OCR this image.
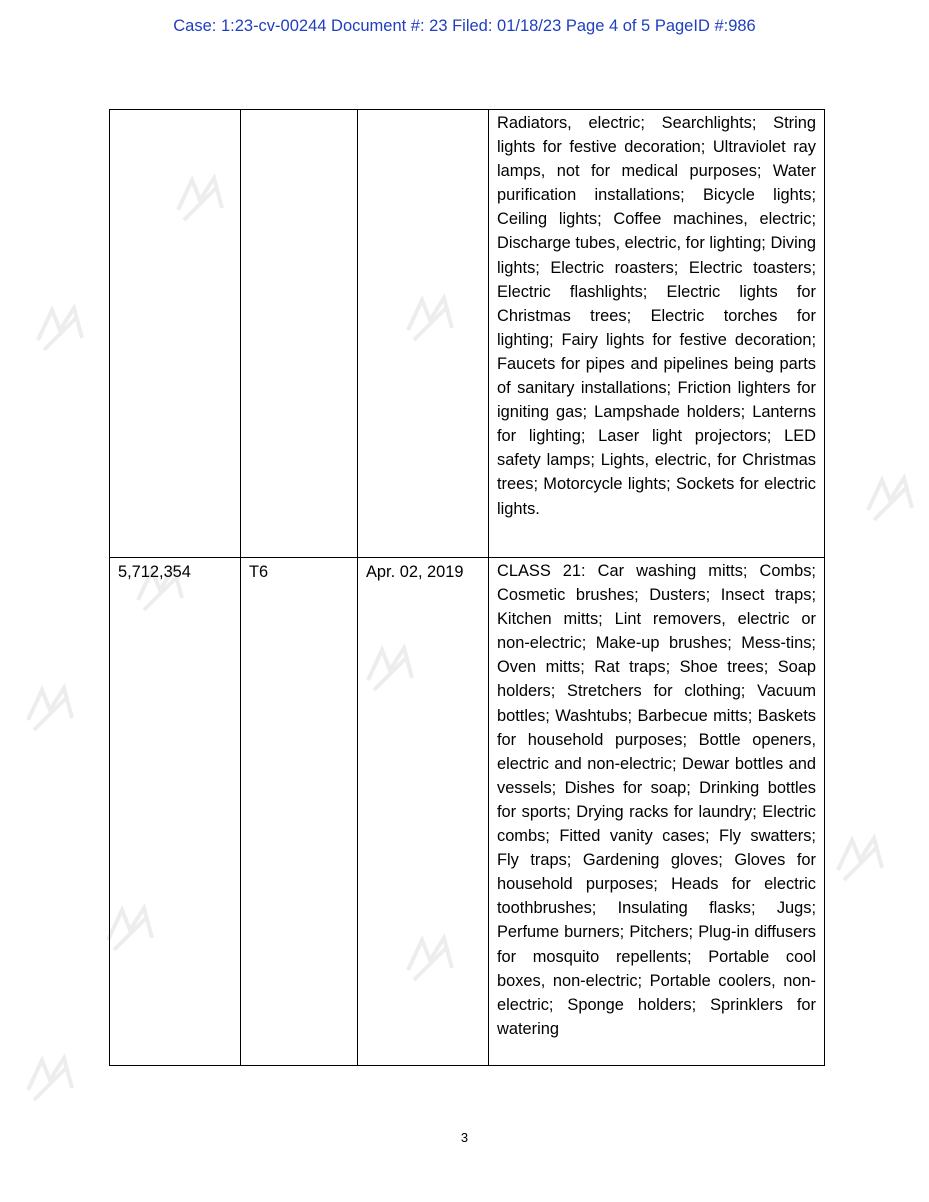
Case: 1:23-cv-00244 Document #: 23 Filed: 01/18/23 Page 4 of 5 PageID #:986

			Radiators, electric; Searchlights; String lights for festive decoration; Ultraviolet ray lamps, not for medical purposes; Water purification installations; Bicycle lights; Ceiling lights; Coffee machines, electric; Discharge tubes, electric, for lighting; Diving lights; Electric roasters; Electric toasters; Electric flashlights; Electric lights for Christmas trees; Electric torches for lighting; Fairy lights for festive decoration; Faucets for pipes and pipelines being parts of sanitary installations; Friction lighters for igniting gas; Lampshade holders; Lanterns for lighting; Laser light projectors; LED safety lamps; Lights, electric, for Christmas trees; Motorcycle lights; Sockets for electric lights.

5,712,354	T6	Apr. 02, 2019	CLASS 21: Car washing mitts; Combs; Cosmetic brushes; Dusters; Insect traps; Kitchen mitts; Lint removers, electric or non-electric; Make-up brushes; Mess-tins; Oven mitts; Rat traps; Shoe trees; Soap holders; Stretchers for clothing; Vacuum bottles; Washtubs; Barbecue mitts; Baskets for household purposes; Bottle openers, electric and non-electric; Dewar bottles and vessels; Dishes for soap; Drinking bottles for sports; Drying racks for laundry; Electric combs; Fitted vanity cases; Fly swatters; Fly traps; Gardening gloves; Gloves for household purposes; Heads for electric toothbrushes; Insulating flasks; Jugs; Perfume burners; Pitchers; Plug-in diffusers for mosquito repellents; Portable cool boxes, non-electric; Portable coolers, non-electric; Sponge holders; Sprinklers for watering
3
